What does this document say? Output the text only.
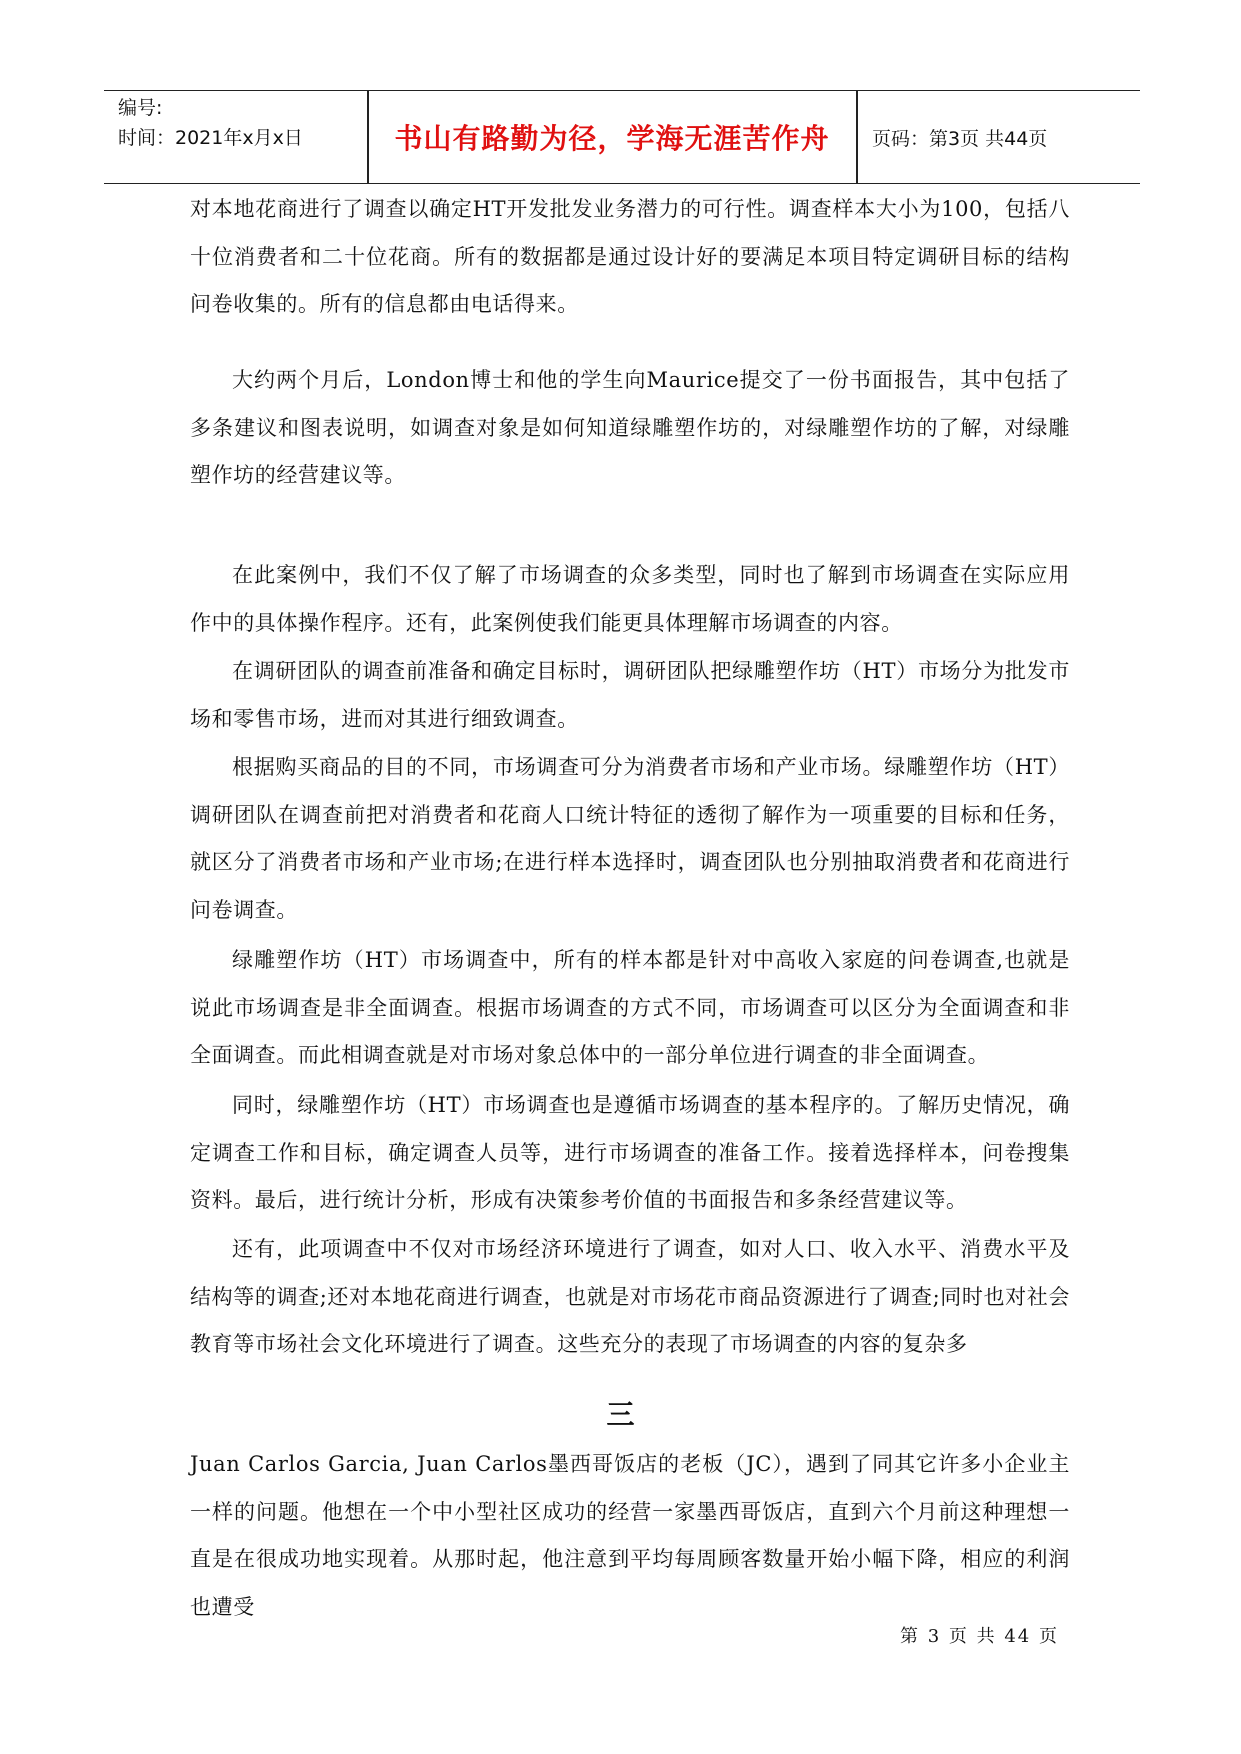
编号:
时间：2021年x月x日	书山有路勤为径，学海无涯苦作舟	页码：第3页 共44页

对本地花商进行了调查以确定HT开发批发业务潜力的可行性。调查样本大小为100，包括八十位消费者和二十位花商。所有的数据都是通过设计好的要满足本项目特定调研目标的结构问卷收集的。所有的信息都由电话得来。

大约两个月后，London博士和他的学生向Maurice提交了一份书面报告，其中包括了多条建议和图表说明，如调查对象是如何知道绿雕塑作坊的，对绿雕塑作坊的了解，对绿雕塑作坊的经营建议等。

在此案例中，我们不仅了解了市场调查的众多类型，同时也了解到市场调查在实际应用作中的具体操作程序。还有，此案例使我们能更具体理解市场调查的内容。

在调研团队的调查前准备和确定目标时，调研团队把绿雕塑作坊（HT）市场分为批发市场和零售市场，进而对其进行细致调查。

根据购买商品的目的不同，市场调查可分为消费者市场和产业市场。绿雕塑作坊（HT）调研团队在调查前把对消费者和花商人口统计特征的透彻了解作为一项重要的目标和任务，就区分了消费者市场和产业市场;在进行样本选择时，调查团队也分别抽取消费者和花商进行问卷调查。

绿雕塑作坊（HT）市场调查中，所有的样本都是针对中高收入家庭的问卷调查,也就是说此市场调查是非全面调查。根据市场调查的方式不同，市场调查可以区分为全面调查和非全面调查。而此相调查就是对市场对象总体中的一部分单位进行调查的非全面调查。

同时，绿雕塑作坊（HT）市场调查也是遵循市场调查的基本程序的。了解历史情况，确定调查工作和目标，确定调查人员等，进行市场调查的准备工作。接着选择样本，问卷搜集资料。最后，进行统计分析，形成有决策参考价值的书面报告和多条经营建议等。

还有，此项调查中不仅对市场经济环境进行了调查，如对人口、收入水平、消费水平及结构等的调查;还对本地花商进行调查，也就是对市场花市商品资源进行了调查;同时也对社会教育等市场社会文化环境进行了调查。这些充分的表现了市场调查的内容的复杂多

三

Juan Carlos Garcia, Juan Carlos墨西哥饭店的老板（JC），遇到了同其它许多小企业主一样的问题。他想在一个中小型社区成功的经营一家墨西哥饭店，直到六个月前这种理想一直是在很成功地实现着。从那时起，他注意到平均每周顾客数量开始小幅下降，相应的利润也遭受

第 3 页 共 44 页
